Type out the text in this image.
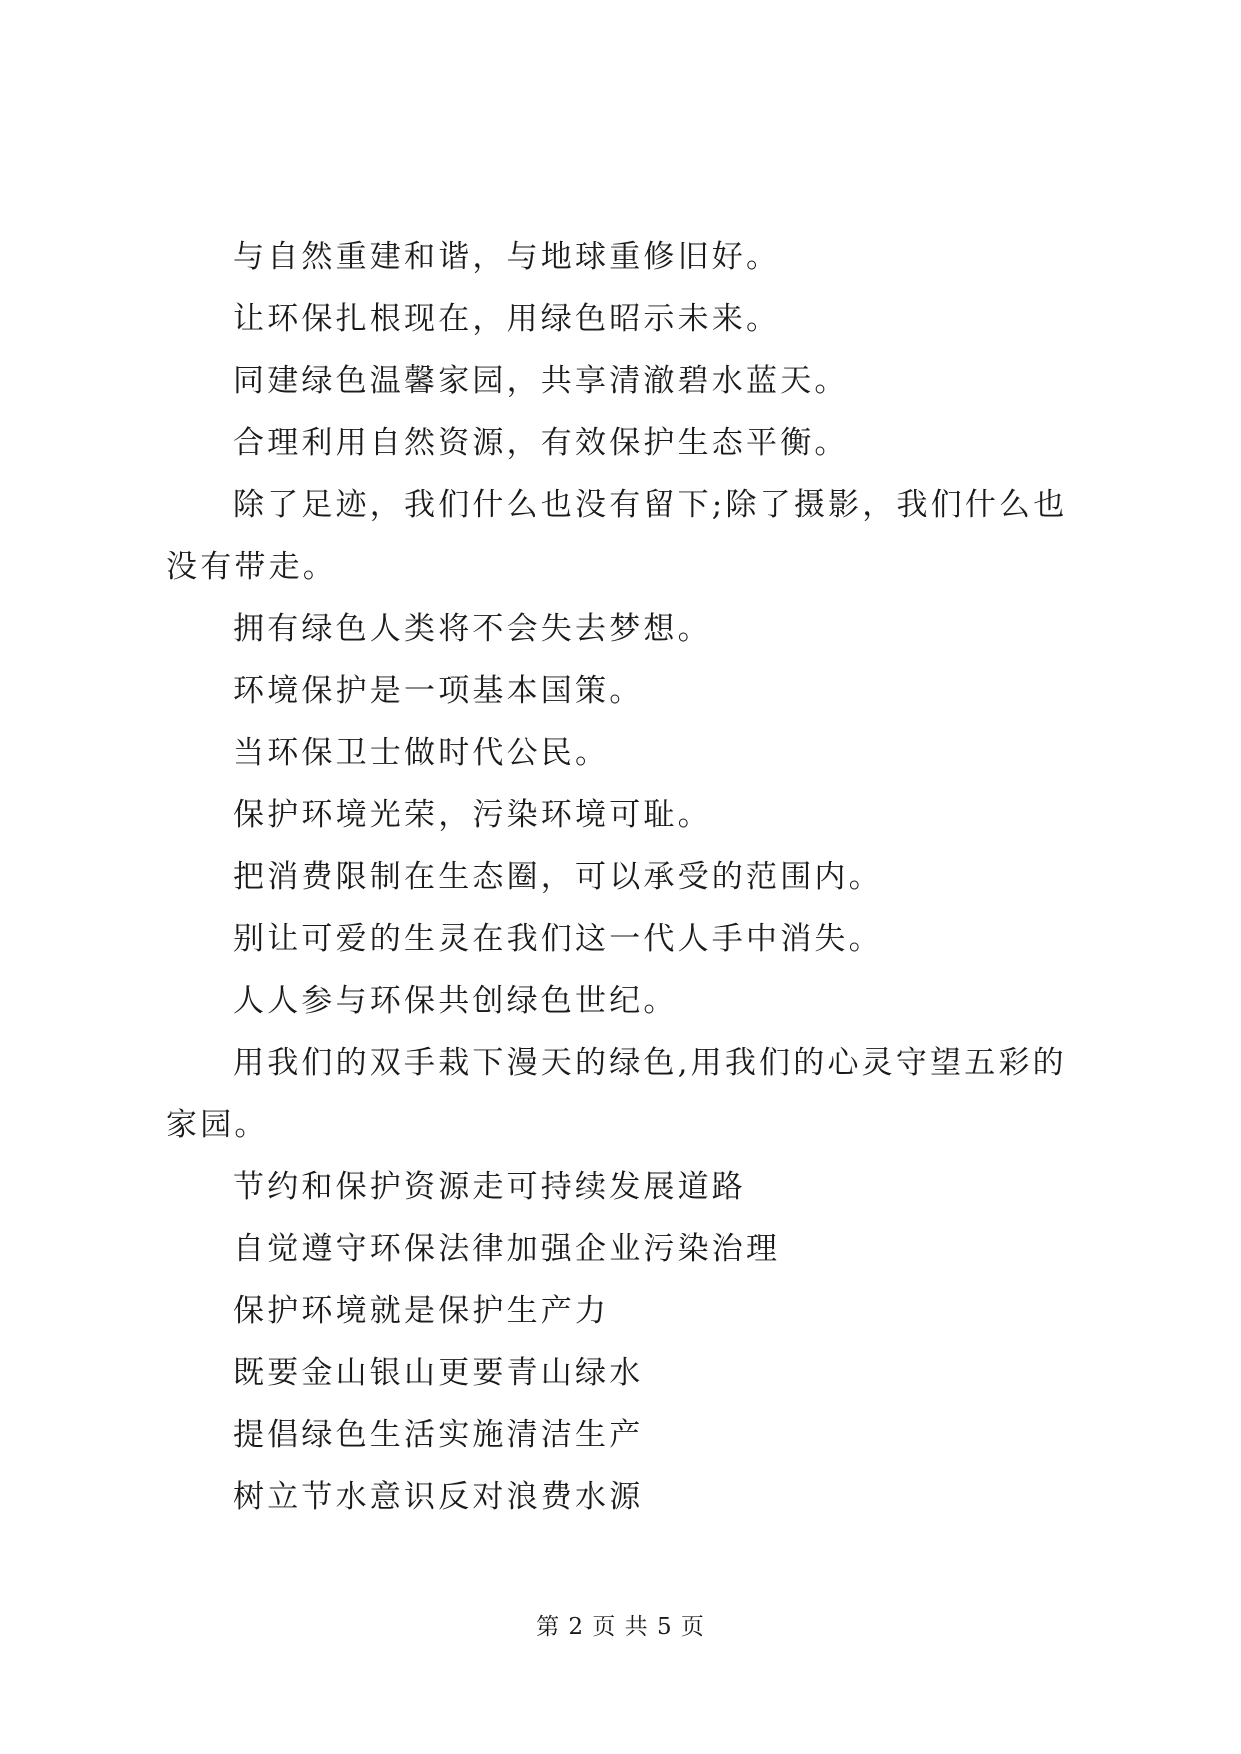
与自然重建和谐，与地球重修旧好。

让环保扎根现在，用绿色昭示未来。

同建绿色温馨家园，共享清澈碧水蓝天。

合理利用自然资源，有效保护生态平衡。

除了足迹，我们什么也没有留下;除了摄影，我们什么也没有带走。

拥有绿色人类将不会失去梦想。

环境保护是一项基本国策。

当环保卫士做时代公民。

保护环境光荣，污染环境可耻。

把消费限制在生态圈，可以承受的范围内。

别让可爱的生灵在我们这一代人手中消失。

人人参与环保共创绿色世纪。

用我们的双手栽下漫天的绿色,用我们的心灵守望五彩的家园。

节约和保护资源走可持续发展道路

自觉遵守环保法律加强企业污染治理

保护环境就是保护生产力

既要金山银山更要青山绿水

提倡绿色生活实施清洁生产

树立节水意识反对浪费水源

第 2 页 共 5 页
